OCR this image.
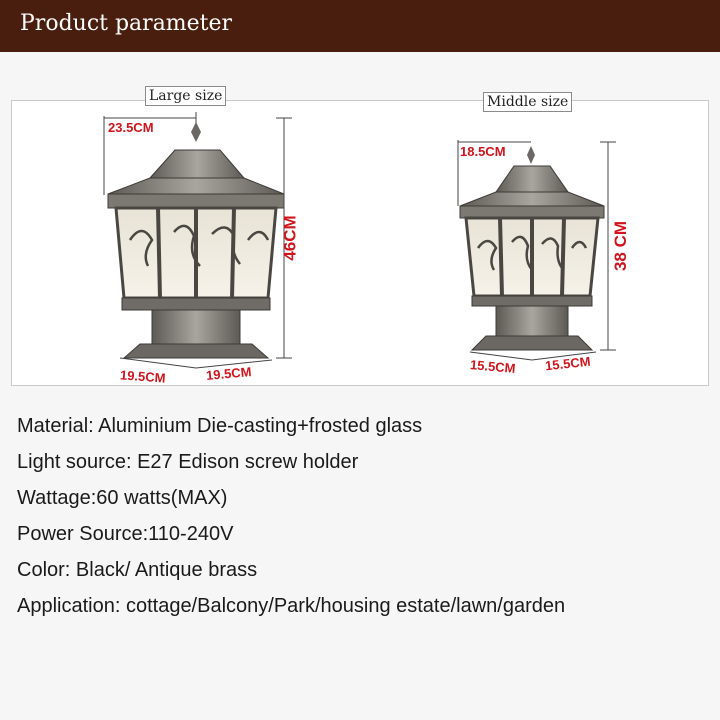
Product parameter
Large size
23.5CM
46CM
19.5CM	19.5CM
Middle size
18.5CM
38 CM
15.5CM 15.5CM
Material: Aluminium Die-casting+frosted glass
Light source: E27 Edison screw holder
Wattage:60 watts(MAX)
Power Source:110-240V
Color: Black/ Antique brass
Application: cottage/Balcony/Park/housing estate/lawn/garden
